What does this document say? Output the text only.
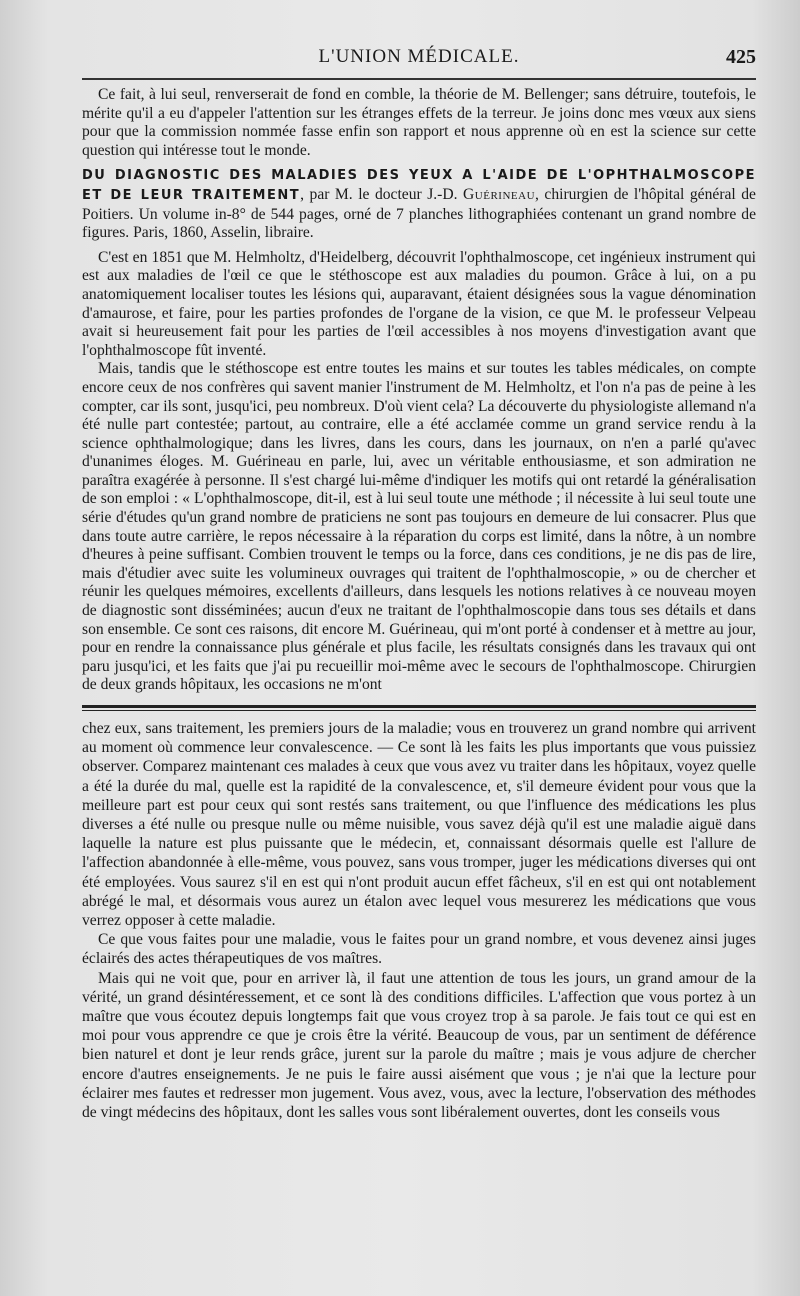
L'UNION MÉDICALE.	425

Ce fait, à lui seul, renverserait de fond en comble, la théorie de M. Bellenger; sans détruire, toutefois, le mérite qu'il a eu d'appeler l'attention sur les étranges effets de la terreur. Je joins donc mes vœux aux siens pour que la commission nommée fasse enfin son rapport et nous apprenne où en est la science sur cette question qui intéresse tout le monde.

DU DIAGNOSTIC DES MALADIES DES YEUX A L'AIDE DE L'OPHTHALMOSCOPE ET DE LEUR TRAITEMENT, par M. le docteur J.-D. Guérineau, chirurgien de l'hôpital général de Poitiers. Un volume in-8° de 544 pages, orné de 7 planches lithographiées contenant un grand nombre de figures. Paris, 1860, Asselin, libraire.

C'est en 1851 que M. Helmholtz, d'Heidelberg, découvrit l'ophthalmoscope, cet ingénieux instrument qui est aux maladies de l'œil ce que le stéthoscope est aux maladies du poumon. Grâce à lui, on a pu anatomiquement localiser toutes les lésions qui, auparavant, étaient désignées sous la vague dénomination d'amaurose, et faire, pour les parties profondes de l'organe de la vision, ce que M. le professeur Velpeau avait si heureusement fait pour les parties de l'œil accessibles à nos moyens d'investigation avant que l'ophthalmoscope fût inventé.

Mais, tandis que le stéthoscope est entre toutes les mains et sur toutes les tables médicales, on compte encore ceux de nos confrères qui savent manier l'instrument de M. Helmholtz, et l'on n'a pas de peine à les compter, car ils sont, jusqu'ici, peu nombreux. D'où vient cela? La découverte du physiologiste allemand n'a été nulle part contestée; partout, au contraire, elle a été acclamée comme un grand service rendu à la science ophthalmologique; dans les livres, dans les cours, dans les journaux, on n'en a parlé qu'avec d'unanimes éloges. M. Guérineau en parle, lui, avec un véritable enthousiasme, et son admiration ne paraîtra exagérée à personne. Il s'est chargé lui-même d'indiquer les motifs qui ont retardé la généralisation de son emploi : « L'ophthalmoscope, dit-il, est à lui seul toute une méthode ; il nécessite à lui seul toute une série d'études qu'un grand nombre de praticiens ne sont pas toujours en demeure de lui consacrer. Plus que dans toute autre carrière, le repos nécessaire à la réparation du corps est limité, dans la nôtre, à un nombre d'heures à peine suffisant. Combien trouvent le temps ou la force, dans ces conditions, je ne dis pas de lire, mais d'étudier avec suite les volumineux ouvrages qui traitent de l'ophthalmoscopie, » ou de chercher et réunir les quelques mémoires, excellents d'ailleurs, dans lesquels les notions relatives à ce nouveau moyen de diagnostic sont disséminées; aucun d'eux ne traitant de l'ophthalmoscopie dans tous ses détails et dans son ensemble. Ce sont ces raisons, dit encore M. Guérineau, qui m'ont porté à condenser et à mettre au jour, pour en rendre la connaissance plus générale et plus facile, les résultats consignés dans les travaux qui ont paru jusqu'ici, et les faits que j'ai pu recueillir moi-même avec le secours de l'ophthalmoscope. Chirurgien de deux grands hôpitaux, les occasions ne m'ont

chez eux, sans traitement, les premiers jours de la maladie; vous en trouverez un grand nombre qui arrivent au moment où commence leur convalescence. — Ce sont là les faits les plus importants que vous puissiez observer. Comparez maintenant ces malades à ceux que vous avez vu traiter dans les hôpitaux, voyez quelle a été la durée du mal, quelle est la rapidité de la convalescence, et, s'il demeure évident pour vous que la meilleure part est pour ceux qui sont restés sans traitement, ou que l'influence des médications les plus diverses a été nulle ou presque nulle ou même nuisible, vous savez déjà qu'il est une maladie aiguë dans laquelle la nature est plus puissante que le médecin, et, connaissant désormais quelle est l'allure de l'affection abandonnée à elle-même, vous pouvez, sans vous tromper, juger les médications diverses qui ont été employées. Vous saurez s'il en est qui n'ont produit aucun effet fâcheux, s'il en est qui ont notablement abrégé le mal, et désormais vous aurez un étalon avec lequel vous mesurerez les médications que vous verrez opposer à cette maladie.

Ce que vous faites pour une maladie, vous le faites pour un grand nombre, et vous devenez ainsi juges éclairés des actes thérapeutiques de vos maîtres.

Mais qui ne voit que, pour en arriver là, il faut une attention de tous les jours, un grand amour de la vérité, un grand désintéressement, et ce sont là des conditions difficiles. L'affection que vous portez à un maître que vous écoutez depuis longtemps fait que vous croyez trop à sa parole. Je fais tout ce qui est en moi pour vous apprendre ce que je crois être la vérité. Beaucoup de vous, par un sentiment de déférence bien naturel et dont je leur rends grâce, jurent sur la parole du maître ; mais je vous adjure de chercher encore d'autres enseignements. Je ne puis le faire aussi aisément que vous ; je n'ai que la lecture pour éclairer mes fautes et redresser mon jugement. Vous avez, vous, avec la lecture, l'observation des méthodes de vingt médecins des hôpitaux, dont les salles vous sont libéralement ouvertes, dont les conseils vous
